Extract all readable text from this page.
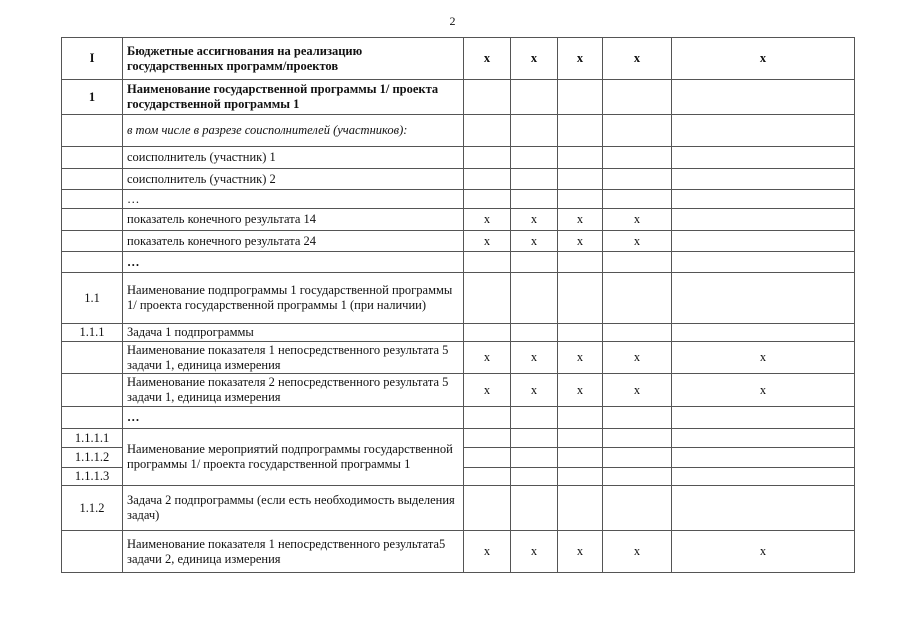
2
I	Бюджетные ассигнования на реализацию государственных программ/проектов	x	x	x	x	x
1	Наименование государственной программы 1/ проекта государственной программы 1					
	в том числе в разрезе соисполнителей (участников):					
	соисполнитель (участник) 1					
	соисполнитель (участник) 2					
	…					
	показатель конечного результата 14	x	x	x	x	
	показатель конечного результата 24	x	x	x	x	
	…					
1.1	Наименование подпрограммы 1 государственной программы 1/ проекта государственной программы 1 (при наличии)					
1.1.1	Задача 1 подпрограммы					
	Наименование показателя 1 непосредственного результата 5 задачи 1, единица измерения	x	x	x	x	x
	Наименование показателя 2 непосредственного результата 5 задачи 1, единица измерения	x	x	x	x	x
	…					
1.1.1.1	Наименование мероприятий подпрограммы государственной программы 1/ проекта государственной программы 1					
1.1.1.2						
1.1.1.3						
1.1.2	Задача 2 подпрограммы (если есть необходимость выделения задач)					
	Наименование показателя 1 непосредственного результата5 задачи 2, единица измерения	x	x	x	x	x
